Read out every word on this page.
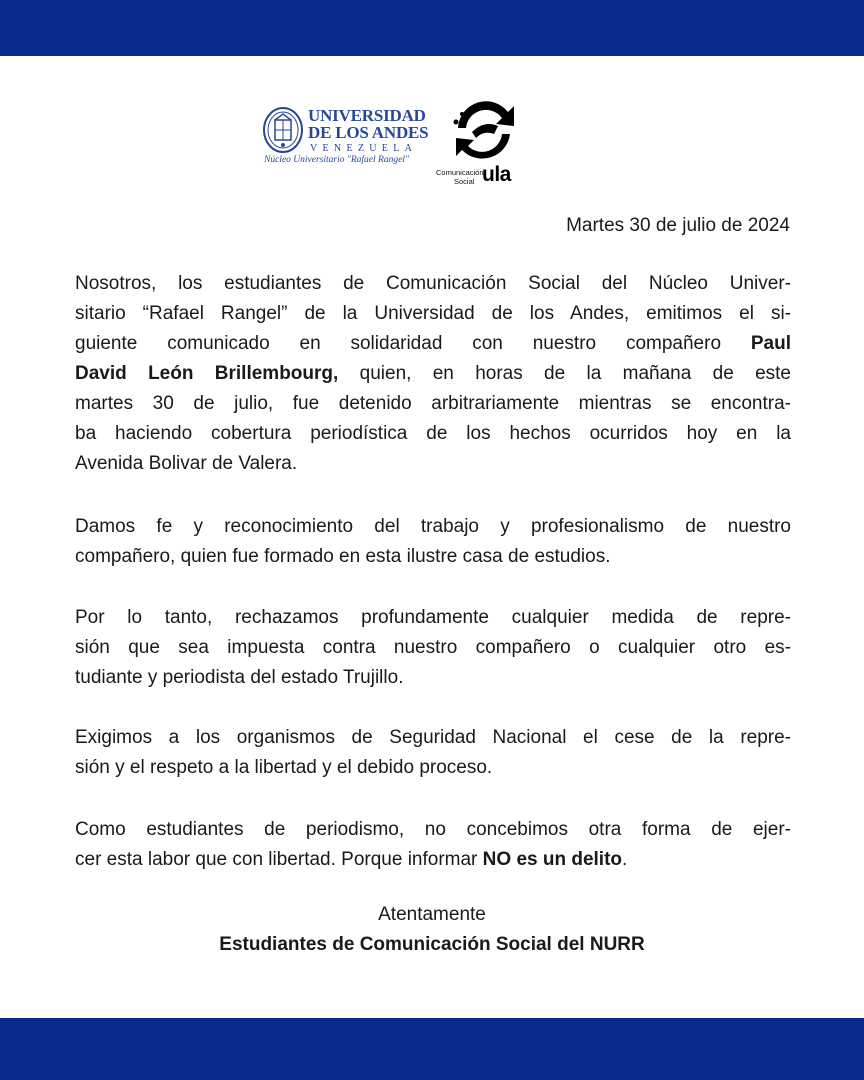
UNIVERSIDAD
DE LOS ANDES
VENEZUELA
Núcleo Universitario "Rafael Rangel"
Comunicación
Social ula
Martes 30 de julio de 2024
Nosotros, los estudiantes de Comunicación Social del Núcleo Univer-
sitario “Rafael Rangel” de la Universidad de los Andes, emitimos el si-
guiente comunicado en solidaridad con nuestro compañero Paul
David León Brillembourg, quien, en horas de la mañana de este
martes 30 de julio, fue detenido arbitrariamente mientras se encontra-
ba haciendo cobertura periodística de los hechos ocurridos hoy en la
Avenida Bolivar de Valera.
Damos fe y reconocimiento del trabajo y profesionalismo de nuestro
compañero, quien fue formado en esta ilustre casa de estudios.
Por lo tanto, rechazamos profundamente cualquier medida de repre-
sión que sea impuesta contra nuestro compañero o cualquier otro es-
tudiante y periodista del estado Trujillo.
Exigimos a los organismos de Seguridad Nacional el cese de la repre-
sión y el respeto a la libertad y el debido proceso.
Como estudiantes de periodismo, no concebimos otra forma de ejer-
cer esta labor que con libertad. Porque informar NO es un delito.
Atentamente
Estudiantes de Comunicación Social del NURR
